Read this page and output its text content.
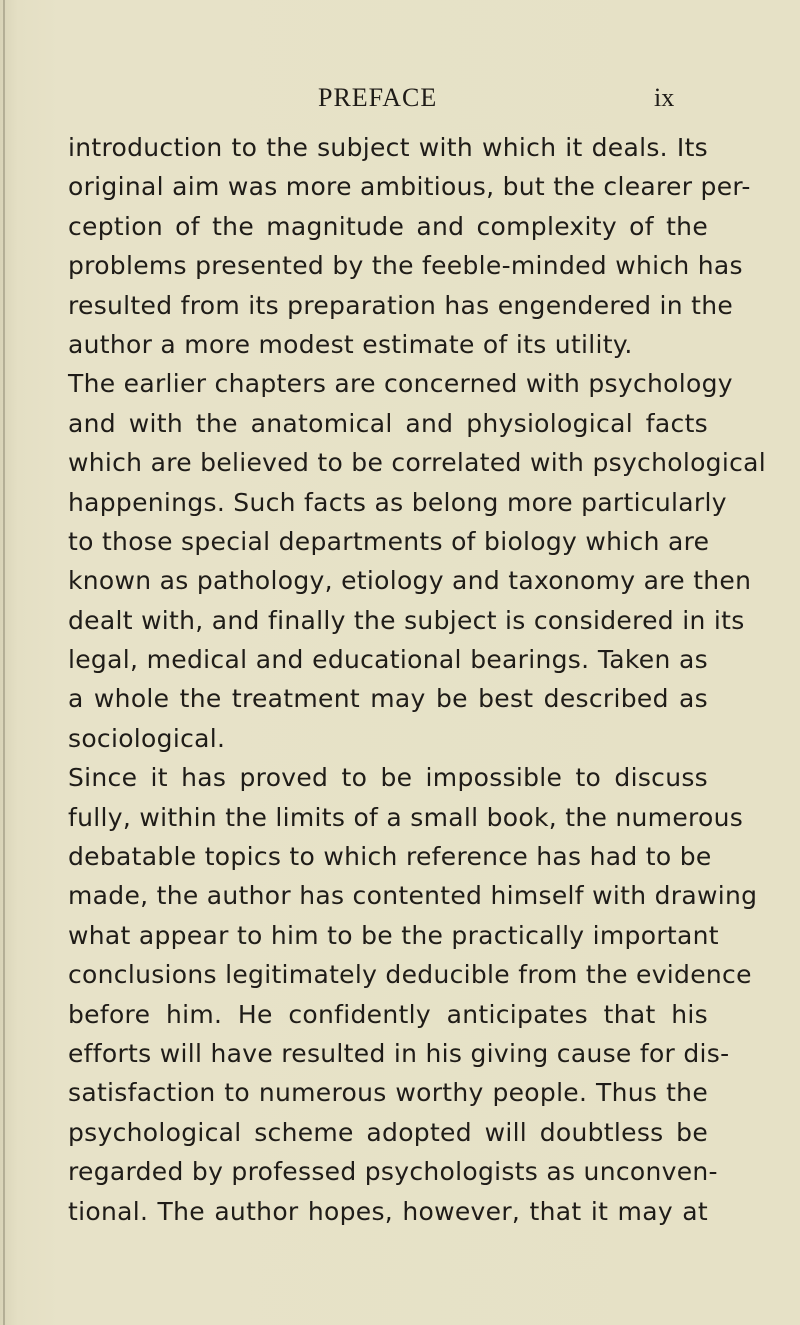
PREFACE	ix
introduction to the subject with which it deals. Its
original aim was more ambitious, but the clearer per-
ception of the magnitude and complexity of the
problems presented by the feeble-minded which has
resulted from its preparation has engendered in the
author a more modest estimate of its utility.
The earlier chapters are concerned with psychology
and with the anatomical and physiological facts
which are believed to be correlated with psychological
happenings. Such facts as belong more particularly
to those special departments of biology which are
known as pathology, etiology and taxonomy are then
dealt with, and finally the subject is considered in its
legal, medical and educational bearings. Taken as
a whole the treatment may be best described as
sociological.
Since it has proved to be impossible to discuss
fully, within the limits of a small book, the numerous
debatable topics to which reference has had to be
made, the author has contented himself with drawing
what appear to him to be the practically important
conclusions legitimately deducible from the evidence
before him. He confidently anticipates that his
efforts will have resulted in his giving cause for dis-
satisfaction to numerous worthy people. Thus the
psychological scheme adopted will doubtless be
regarded by professed psychologists as unconven-
tional. The author hopes, however, that it may at
